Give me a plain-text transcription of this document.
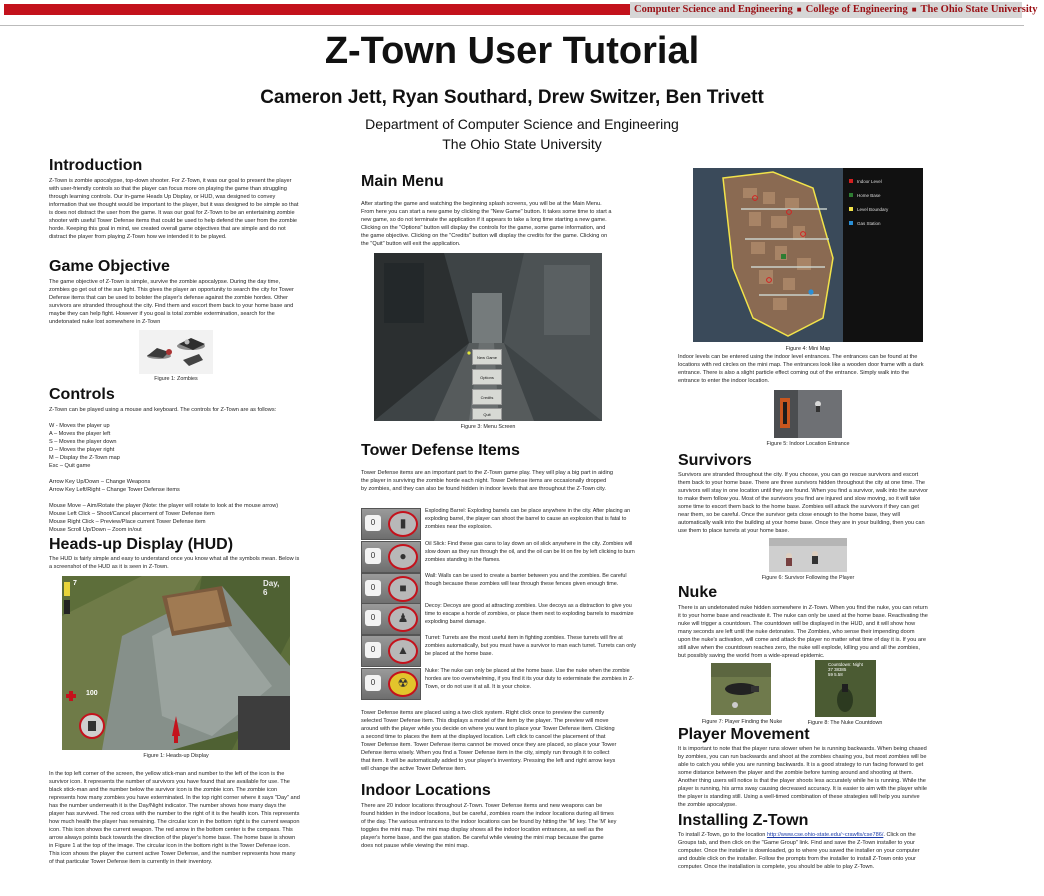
Computer Science and Engineering ■ College of Engineering ■ The Ohio State University
Z-Town User Tutorial
Cameron Jett, Ryan Southard, Drew Switzer, Ben Trivett
Department of Computer Science and Engineering
The Ohio State University
Introduction
Z-Town is zombie apocalypse, top-down shooter. For Z-Town, it was our goal to present the player with user-friendly controls so that the player can focus more on playing the game than struggling through learning controls. Our in-game Heads Up Display, or HUD, was designed to convey information that we thought would be important to the player, but it was designed to be simple so that is does not distract the user from the game. It was our goal for Z-Town to be an entertaining zombie shooter with useful Tower Defense items that could be used to help defend the user from the zombie horde. Keeping this goal in mind, we created overall game objectives that are simple and do not distract the player from playing Z-Town how we intended it to be played.
Game Objective
The game objective of Z-Town is simple, survive the zombie apocalypse. During the day time, zombies go get out of the sun light. This gives the player an opportunity to search the city for Tower Defense items that can be used to bolster the player's defense against the zombie hordes. Other survivors are stranded throughout the city. Find them and escort them back to your home base and maybe they can help fight. However if you goal is total zombie extermination, search for the undetonated nuke lost somewhere in Z-Town
Figure 1: Zombies
Controls
Z-Town can be played using a mouse and keyboard. The controls for Z-Town are as follows:
W - Moves the player up
A – Moves the player left
S – Moves the player down
D – Moves the player right
M – Display the Z-Town map
Esc – Quit game
Arrow Key Up/Down – Change Weapons
Arrow Key Left/Right – Change Tower Defense items
Mouse Move – Aim/Rotate the player (Note: the player will rotate to look at the mouse arrow)
Mouse Left Click – Shoot/Cancel placement of Tower Defense item
Mouse Right Click – Preview/Place current Tower Defense item
Mouse Scroll Up/Down – Zoom in/out
Heads-up Display (HUD)
The HUD is fairly simple and easy to understand once you know what all the symbols mean. Below is a screenshot of the HUD as it is seen in Z-Town.
Day,
6
100
7
Figure 1: Heads-up Display
In the top left corner of the screen, the yellow stick-man and number to the left of the icon is the survivor icon. It represents the number of survivors you have found that are available for use. The black stick-man and the number below the survivor icon is the zombie icon. The zombie icon represents how many zombies you have exterminated. In the top right corner where it says "Day" and has the number underneath it is the Day/Night indicator. The number shows how many days the player has survived. The red cross with the number to the right of it is the health icon. This represents how much health the player has remaining. The circular icon in the bottom right is the current weapon icon. This icon shows the current weapon. The red arrow in the bottom center is the compass. This arrow always points back towards the direction of the player's home base. The home base is shown in Figure 1 at the top of the image. The circular icon in the bottom right is the Tower Defense icon. This icon shows the player the current active Tower Defense, and the number represents how many of that particular Tower Defense item is currently in their inventory.
Main Menu
After starting the game and watching the beginning splash screens, you will be at the Main Menu. From here you can start a new game by clicking the "New Game" button. It takes some time to start a new game, so do not terminate the application if it appears to take a long time starting a new game. Clicking on the "Options" button will display the controls for the game, some game information, and the game objective. Clicking on the "Credits" button will display the credits for the game. Clicking on the "Quit" button will exit the application.
New Game
Options
Credits
Quit
Figure 3: Menu Screen
Tower Defense Items
Tower Defense items are an important part to the Z-Town game play. They will play a big part in aiding the player in surviving the zombie horde each night. Tower Defense items are occasionally dropped by zombies, and they can also be found hidden in indoor levels that are throughout the Z-Town city.
0	▮
Exploding Barrel: Exploding barrels can be place anywhere in the city. After placing an exploding barrel, the player can shoot the barrel to cause an explosion that is fatal to zombies near the explosion.
0	●
Oil Slick: Find these gas cans to lay down an oil slick anywhere in the city. Zombies will slow down as they run through the oil, and the oil can be lit on fire by left clicking to burn zombies standing in the flames.
0	■
Wall: Walls can be used to create a barrier between you and the zombies. Be careful though because these zombies will tear through these fences given enough time.
0	♟
Decoy: Decoys are good at attracting zombies. Use decoys as a distraction to give you time to escape a horde of zombies, or place them next to exploding barrels to maximize exploding barrel damage.
0	▲
Turret: Turrets are the most useful item in fighting zombies. These turrets will fire at zombies automatically, but you must have a survivor to man each turret. Turrets can only be placed at the home base.
0	☢
Nuke: The nuke can only be placed at the home base. Use the nuke when the zombie hordes are too overwhelming, if you find it its your duty to exterminate the zombies in Z-Town, or do not use it at all. It is your choice.
Tower Defense items are placed using a two click system. Right click once to preview the currently selected Tower Defense item. This displays a model of the item by the player. The preview will move around with the player while you decide on where you want to place your Tower Defense item. Clicking a second time to places the item at the displayed location. Left click to cancel the placement of that Tower Defense item. Tower Defense items cannot be moved once they are placed, so place your Tower Defense items wisely. When you find a Tower Defense item in the city, simply run through it to collect that item. It will be automatically added to your player's inventory. Pressing the left and right arrow keys will change the active Tower Defense item.
Indoor Locations
There are 20 indoor locations throughout Z-Town. Tower Defense items and new weapons can be found hidden in the indoor locations, but be careful, zombies roam the indoor locations during all times of the day. The various entrances to the indoor locations can be found by hitting the 'M' key. The 'M' key toggles the mini map. The mini map display shows all the indoor location entrances, as well as the player's home base, and the gas station. Be careful while viewing the mini map because the game does not pause while viewing the mini map.
Indoor Level
Home Base
Level Boundary
Gas Station
Figure 4: Mini Map
Indoor levels can be entered using the indoor level entrances. The entrances can be found at the locations with red circles on the mini map. The entrances look like a wooden door frame with a dark entrance. There is also a slight particle effect coming out of the entrance. Simply walk into the entrance to enter the indoor location.
Figure 5: Indoor Location Entrance
Survivors
Survivors are stranded throughout the city. If you choose, you can go rescue survivors and escort them back to your home base. There are three survivors hidden throughout the city at one time. The survivors will stay in one location until they are found. When you find a survivor, walk into the survivor to make them follow you. Most of the survivors you find are injured and slow moving, so it will take some time to escort them back to the home base. Zombies will attack the survivors if they can get near them, so be careful. Once the survivor gets close enough to the home base, they will automatically walk into the building at your home base. Once they are in your building, then you can use them to place turrets at your home base.
Figure 6: Survivor Following the Player
Nuke
There is an undetonated nuke hidden somewhere in Z-Town. When you find the nuke, you can return it to your home base and reactivate it. The nuke can only be used at the home base. Reactivating the nuke will trigger a countdown. The countdown will be displayed in the HUD, and it will show how many seconds are left until the nuke detonates. The Zombies, who sense their impending doom upon the nuke's activation, will come and attack the player no matter what time of day it is. If you are still alive when the countdown reaches zero, the nuke will explode, killing you and all the zombies, but possibly saving the world from a wide-spread epidemic.
Countdown: Night
37 38385
59 5.58
Figure 7: Player Finding the Nuke	Figure 8: The Nuke Countdown
Player Movement
It is important to note that the player runs slower when he is running backwards. When being chased by zombies, you can run backwards and shoot at the zombies chasing you, but most zombies will be able to catch you while you are running backwards. It is a good strategy to run facing forward to get some distance between the player and the zombie before turning around and shooting at them. Another thing users will notice is that the player shoots less accurately while he is running. While the player is running, his arms sway causing decreased accuracy. It is easier to aim with the player while the player is standing still. Using a well-timed combination of these strategies will help you survive the zombie apocalypse.
Installing Z-Town
To install Z-Town, go to the location http://www.cse.ohio-state.edu/~crawfis/cse786/. Click on the Groups tab, and then click on the "Game Group" link. Find and save the Z-Town installer to your computer. Once the installer is downloaded, go to where you saved the installer on your computer and double click on the installer. Follow the prompts from the installer to install Z-Town onto your computer. Once the installation is complete, you should be able to play Z-Town.
